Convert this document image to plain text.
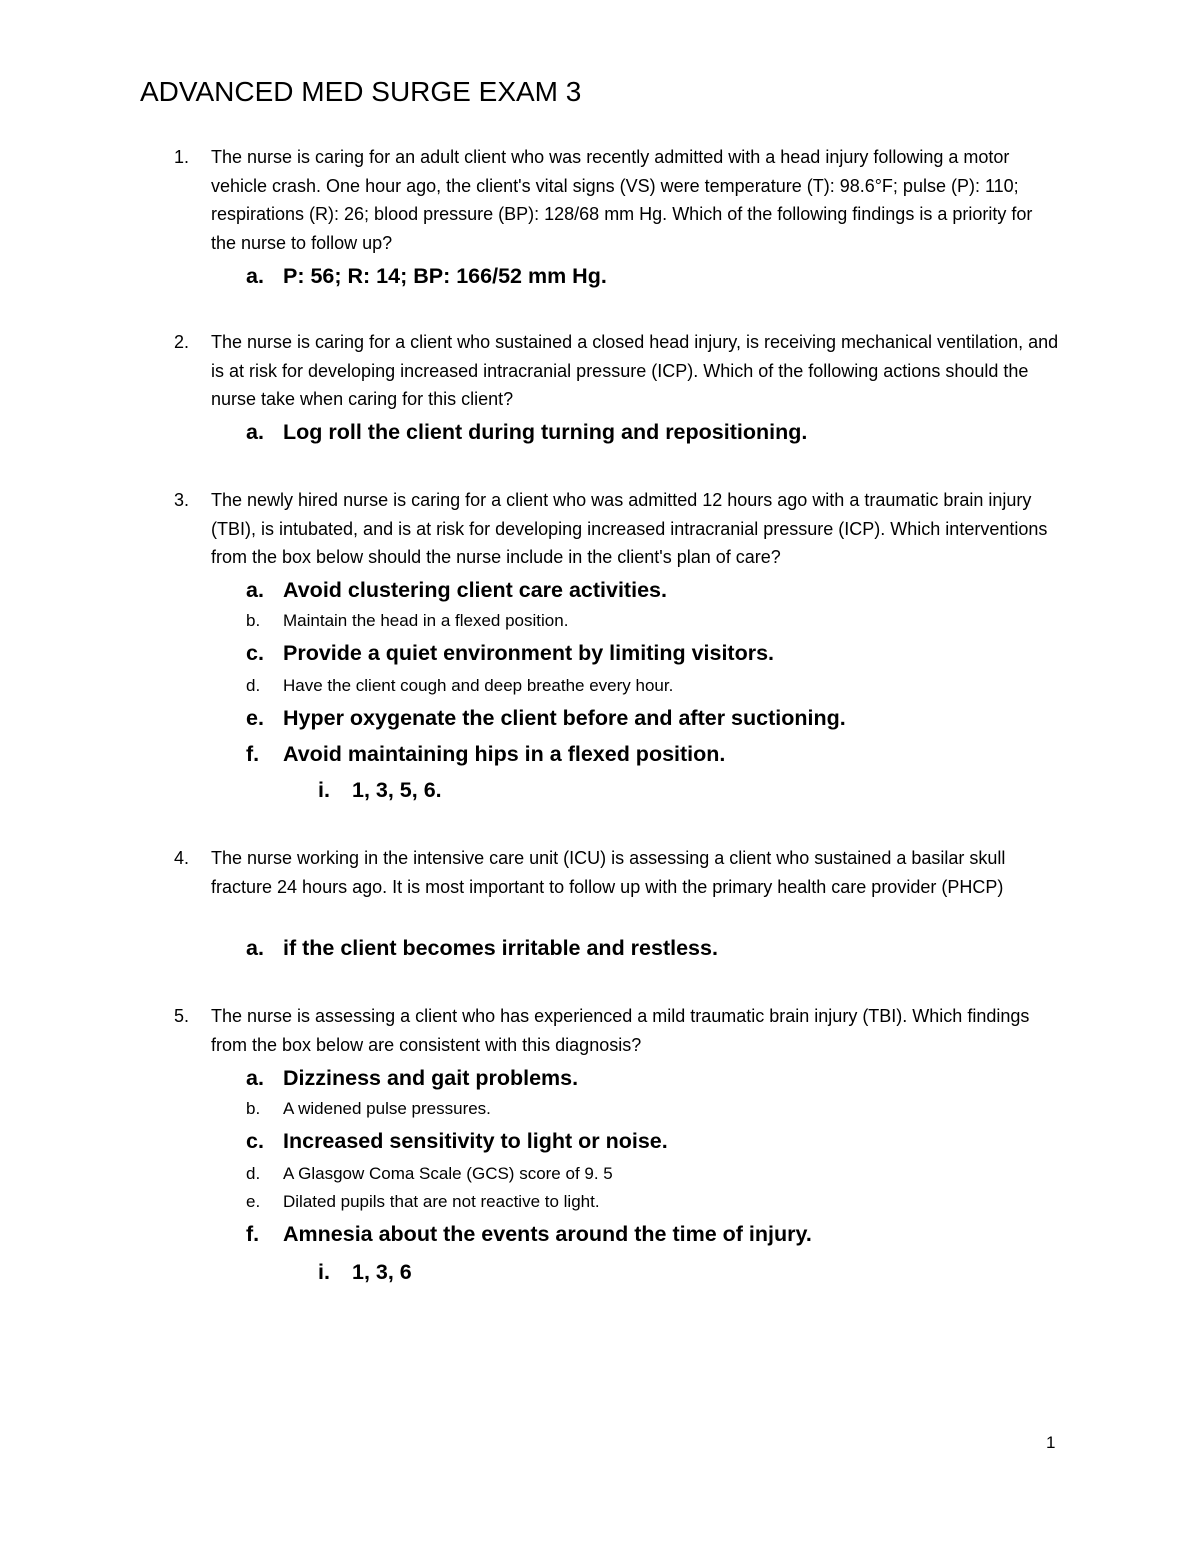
ADVANCED MED SURGE EXAM 3
1. The nurse is caring for an adult client who was recently admitted with a head injury following a motor vehicle crash. One hour ago, the client's vital signs (VS) were temperature (T): 98.6°F; pulse (P): 110; respirations (R): 26; blood pressure (BP): 128/68 mm Hg. Which of the following findings is a priority for the nurse to follow up?

a. P: 56; R: 14; BP: 166/52 mm Hg.
2. The nurse is caring for a client who sustained a closed head injury, is receiving mechanical ventilation, and is at risk for developing increased intracranial pressure (ICP). Which of the following actions should the nurse take when caring for this client?

a. Log roll the client during turning and repositioning.
3. The newly hired nurse is caring for a client who was admitted 12 hours ago with a traumatic brain injury (TBI), is intubated, and is at risk for developing increased intracranial pressure (ICP). Which interventions from the box below should the nurse include in the client's plan of care?

a. Avoid clustering client care activities.
b. Maintain the head in a flexed position.
c. Provide a quiet environment by limiting visitors.
d. Have the client cough and deep breathe every hour.
e. Hyper oxygenate the client before and after suctioning.
f. Avoid maintaining hips in a flexed position.
i. 1, 3, 5, 6.
4. The nurse working in the intensive care unit (ICU) is assessing a client who sustained a basilar skull fracture 24 hours ago. It is most important to follow up with the primary health care provider (PHCP)

a. if the client becomes irritable and restless.
5. The nurse is assessing a client who has experienced a mild traumatic brain injury (TBI). Which findings from the box below are consistent with this diagnosis?

a. Dizziness and gait problems.
b. A widened pulse pressures.
c. Increased sensitivity to light or noise.
d. A Glasgow Coma Scale (GCS) score of 9. 5
e. Dilated pupils that are not reactive to light.
f. Amnesia about the events around the time of injury.
i. 1, 3, 6
1
